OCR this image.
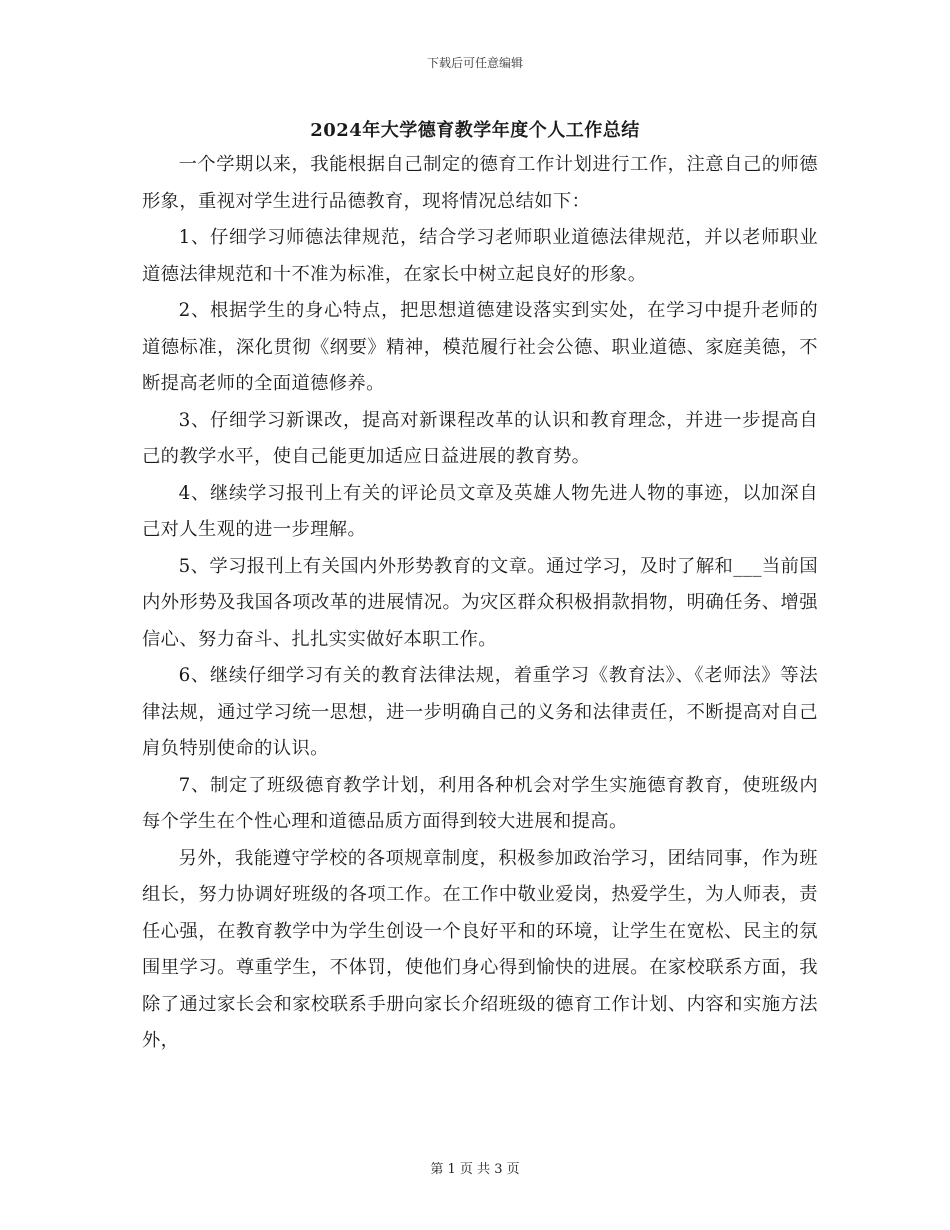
下载后可任意编辑
2024年大学德育教学年度个人工作总结

一个学期以来，我能根据自己制定的德育工作计划进行工作，注意自己的师德形象，重视对学生进行品德教育，现将情况总结如下：

1、仔细学习师德法律规范，结合学习老师职业道德法律规范，并以老师职业道德法律规范和十不准为标准，在家长中树立起良好的形象。

2、根据学生的身心特点，把思想道德建设落实到实处，在学习中提升老师的道德标准，深化贯彻《纲要》精神，模范履行社会公德、职业道德、家庭美德，不断提高老师的全面道德修养。

3、仔细学习新课改，提高对新课程改革的认识和教育理念，并进一步提高自己的教学水平，使自己能更加适应日益进展的教育势。

4、继续学习报刊上有关的评论员文章及英雄人物先进人物的事迹，以加深自己对人生观的进一步理解。

5、学习报刊上有关国内外形势教育的文章。通过学习，及时了解和___当前国内外形势及我国各项改革的进展情况。为灾区群众积极捐款捐物，明确任务、增强信心、努力奋斗、扎扎实实做好本职工作。

6、继续仔细学习有关的教育法律法规，着重学习《教育法》、《老师法》等法律法规，通过学习统一思想，进一步明确自己的义务和法律责任，不断提高对自己肩负特别使命的认识。

7、制定了班级德育教学计划，利用各种机会对学生实施德育教育，使班级内每个学生在个性心理和道德品质方面得到较大进展和提高。

另外，我能遵守学校的各项规章制度，积极参加政治学习，团结同事，作为班组长，努力协调好班级的各项工作。在工作中敬业爱岗，热爱学生，为人师表，责任心强，在教育教学中为学生创设一个良好平和的环境，让学生在宽松、民主的氛围里学习。尊重学生，不体罚，使他们身心得到愉快的进展。在家校联系方面，我除了通过家长会和家校联系手册向家长介绍班级的德育工作计划、内容和实施方法外，

第 1 页 共 3 页
